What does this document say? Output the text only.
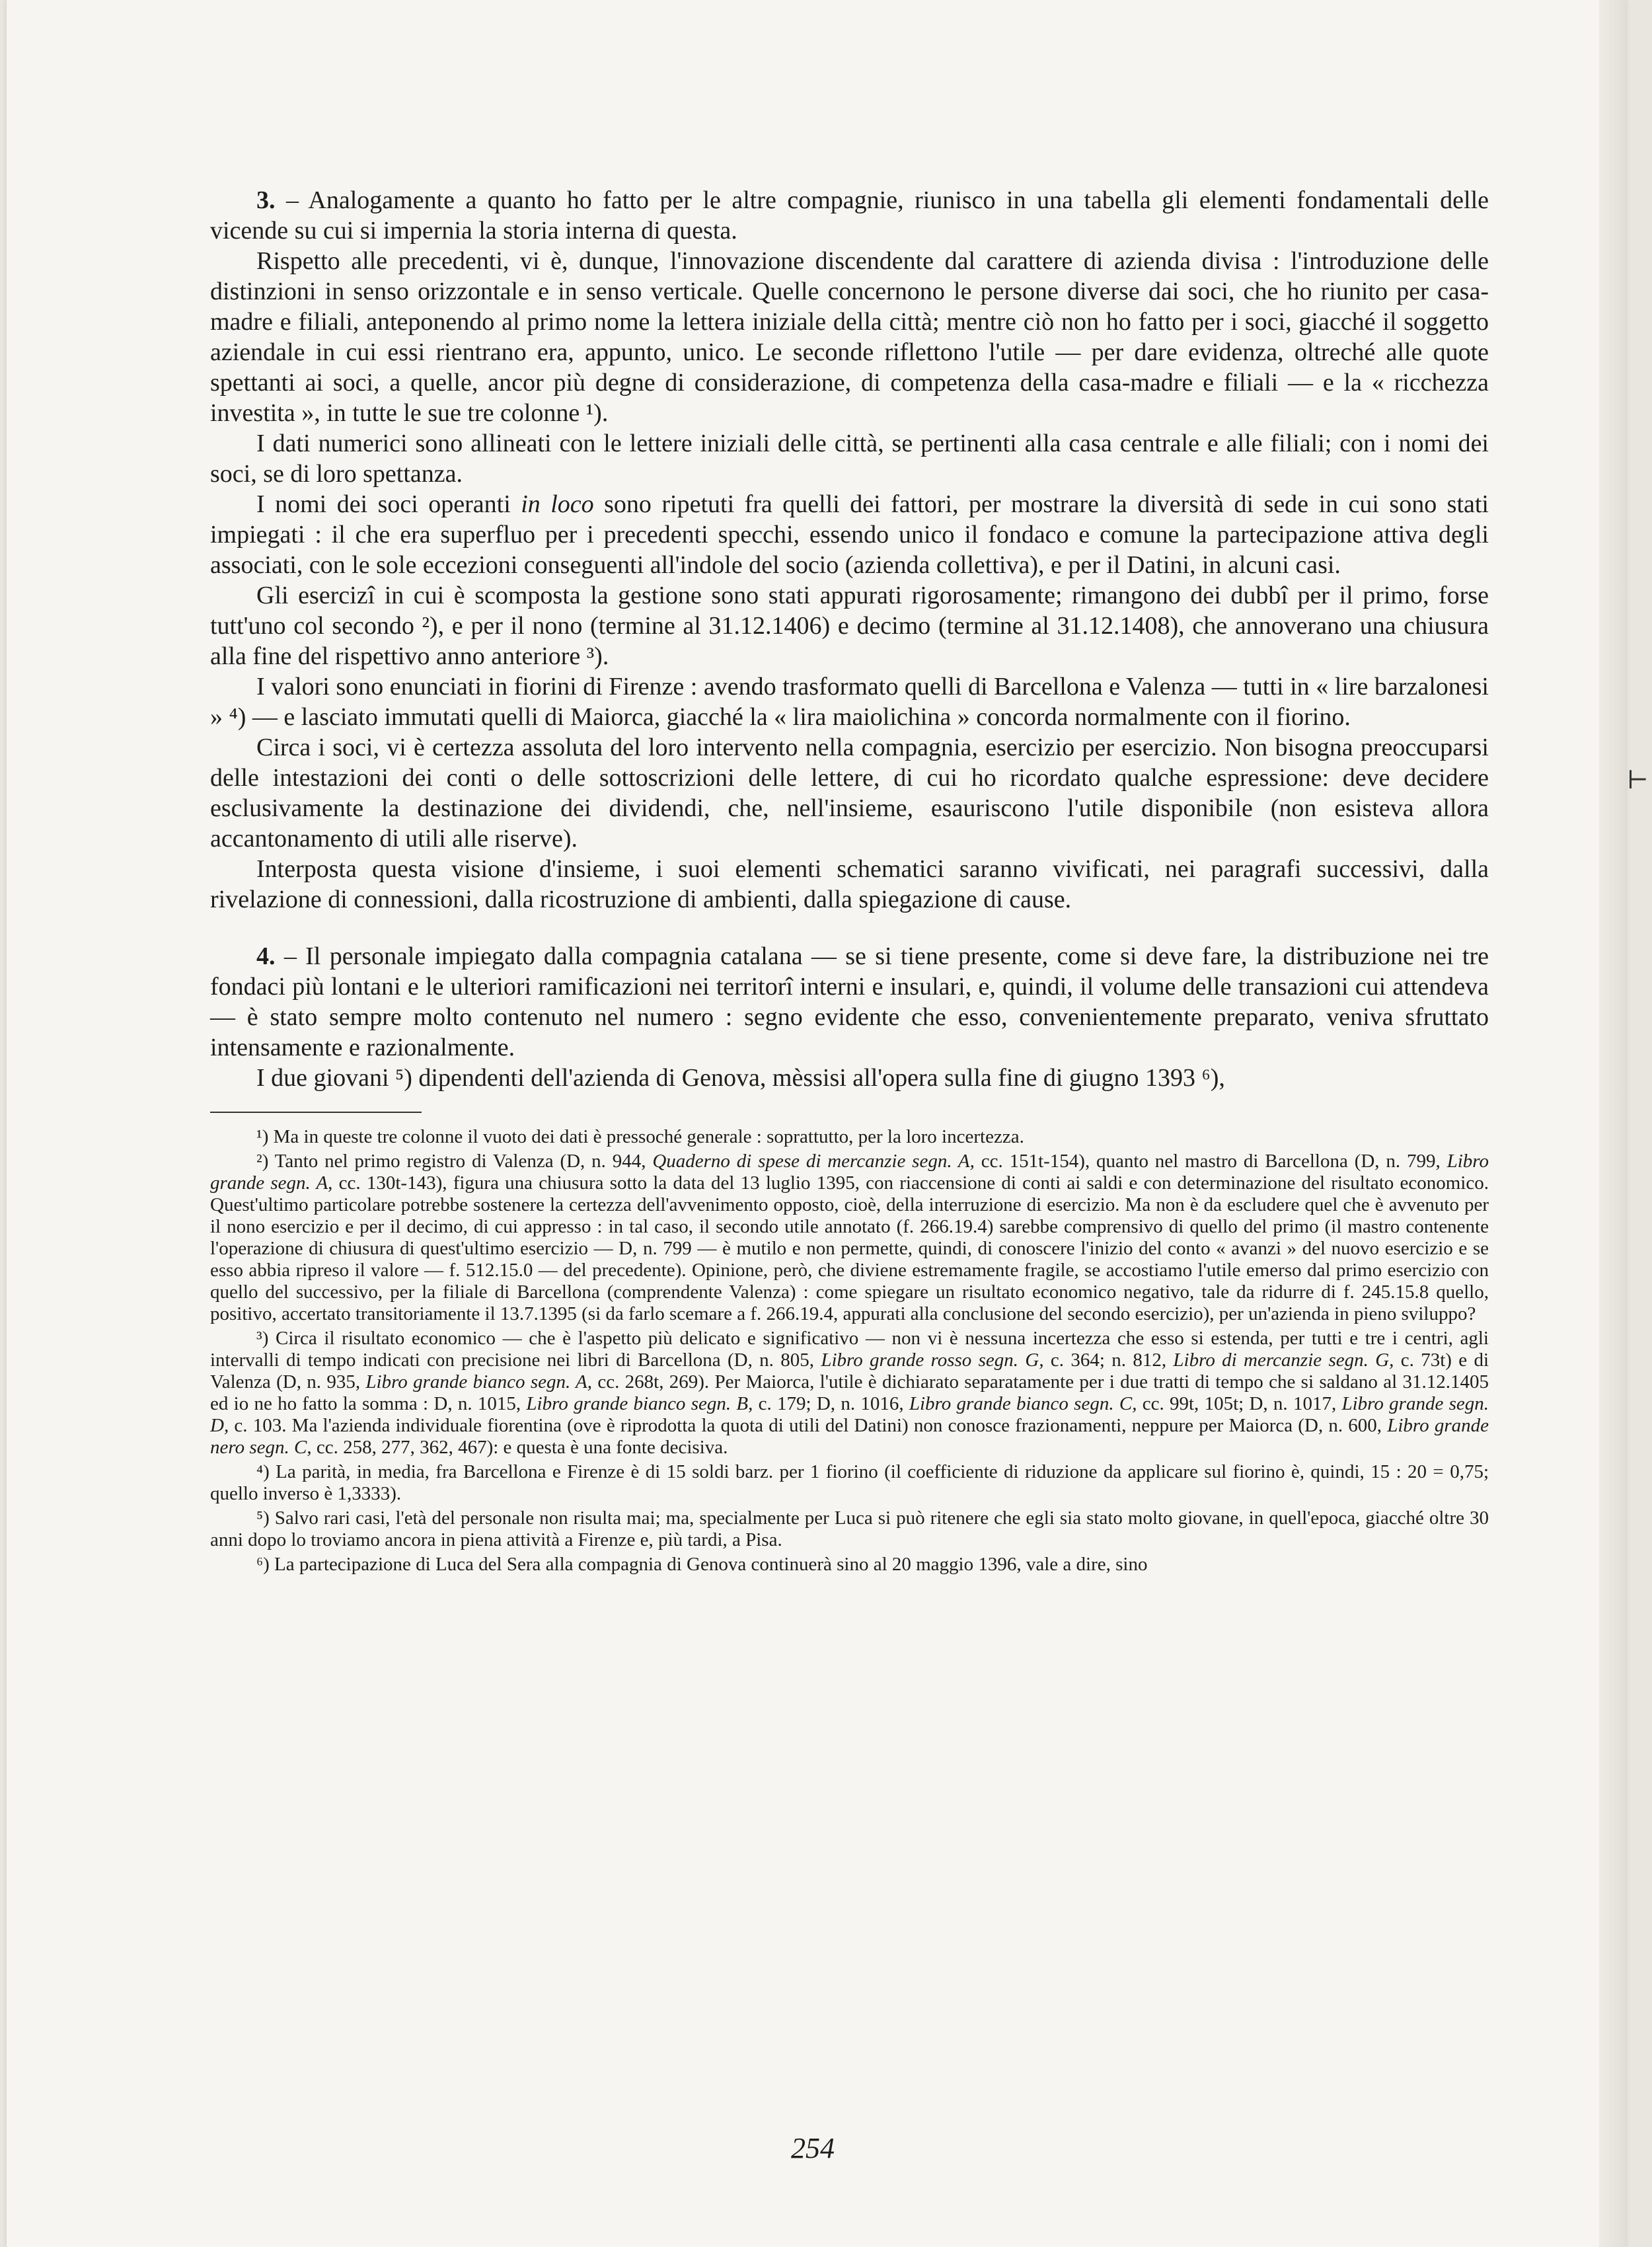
3. – Analogamente a quanto ho fatto per le altre compagnie, riunisco in una tabella gli elementi fondamentali delle vicende su cui si impernia la storia interna di questa.

Rispetto alle precedenti, vi è, dunque, l'innovazione discendente dal carattere di azienda divisa : l'introduzione delle distinzioni in senso orizzontale e in senso verticale. Quelle concernono le persone diverse dai soci, che ho riunito per casa-madre e filiali, anteponendo al primo nome la lettera iniziale della città; mentre ciò non ho fatto per i soci, giacché il soggetto aziendale in cui essi rientrano era, appunto, unico. Le seconde riflettono l'utile — per dare evidenza, oltreché alle quote spettanti ai soci, a quelle, ancor più degne di considerazione, di competenza della casa-madre e filiali — e la « ricchezza investita », in tutte le sue tre colonne ¹).

I dati numerici sono allineati con le lettere iniziali delle città, se pertinenti alla casa centrale e alle filiali; con i nomi dei soci, se di loro spettanza.

I nomi dei soci operanti in loco sono ripetuti fra quelli dei fattori, per mostrare la diversità di sede in cui sono stati impiegati : il che era superfluo per i precedenti specchi, essendo unico il fondaco e comune la partecipazione attiva degli associati, con le sole eccezioni conseguenti all'indole del socio (azienda collettiva), e per il Datini, in alcuni casi.

Gli esercizî in cui è scomposta la gestione sono stati appurati rigorosamente; rimangono dei dubbî per il primo, forse tutt'uno col secondo ²), e per il nono (termine al 31.12.1406) e decimo (termine al 31.12.1408), che annoverano una chiusura alla fine del rispettivo anno anteriore ³).

I valori sono enunciati in fiorini di Firenze : avendo trasformato quelli di Barcellona e Valenza — tutti in « lire barzalonesi » ⁴) — e lasciato immutati quelli di Maiorca, giacché la « lira maiolichina » concorda normalmente con il fiorino.

Circa i soci, vi è certezza assoluta del loro intervento nella compagnia, esercizio per esercizio. Non bisogna preoccuparsi delle intestazioni dei conti o delle sottoscrizioni delle lettere, di cui ho ricordato qualche espressione: deve decidere esclusivamente la destinazione dei dividendi, che, nell'insieme, esauriscono l'utile disponibile (non esisteva allora accantonamento di utili alle riserve).

Interposta questa visione d'insieme, i suoi elementi schematici saranno vivificati, nei paragrafi successivi, dalla rivelazione di connessioni, dalla ricostruzione di ambienti, dalla spiegazione di cause.

4. – Il personale impiegato dalla compagnia catalana — se si tiene presente, come si deve fare, la distribuzione nei tre fondaci più lontani e le ulteriori ramificazioni nei territorî interni e insulari, e, quindi, il volume delle transazioni cui attendeva — è stato sempre molto contenuto nel numero : segno evidente che esso, convenientemente preparato, veniva sfruttato intensamente e razionalmente.

I due giovani ⁵) dipendenti dell'azienda di Genova, mèssisi all'opera sulla fine di giugno 1393 ⁶),

¹) Ma in queste tre colonne il vuoto dei dati è pressoché generale : soprattutto, per la loro incertezza.

²) Tanto nel primo registro di Valenza (D, n. 944, Quaderno di spese di mercanzie segn. A, cc. 151t-154), quanto nel mastro di Barcellona (D, n. 799, Libro grande segn. A, cc. 130t-143), figura una chiusura sotto la data del 13 luglio 1395, con riaccensione di conti ai saldi e con determinazione del risultato economico. Quest'ultimo particolare potrebbe sostenere la certezza dell'avvenimento opposto, cioè, della interruzione di esercizio. Ma non è da escludere quel che è avvenuto per il nono esercizio e per il decimo, di cui appresso : in tal caso, il secondo utile annotato (f. 266.19.4) sarebbe comprensivo di quello del primo (il mastro contenente l'operazione di chiusura di quest'ultimo esercizio — D, n. 799 — è mutilo e non permette, quindi, di conoscere l'inizio del conto « avanzi » del nuovo esercizio e se esso abbia ripreso il valore — f. 512.15.0 — del precedente). Opinione, però, che diviene estremamente fragile, se accostiamo l'utile emerso dal primo esercizio con quello del successivo, per la filiale di Barcellona (comprendente Valenza) : come spiegare un risultato economico negativo, tale da ridurre di f. 245.15.8 quello, positivo, accertato transitoriamente il 13.7.1395 (si da farlo scemare a f. 266.19.4, appurati alla conclusione del secondo esercizio), per un'azienda in pieno sviluppo?

³) Circa il risultato economico — che è l'aspetto più delicato e significativo — non vi è nessuna incertezza che esso si estenda, per tutti e tre i centri, agli intervalli di tempo indicati con precisione nei libri di Barcellona (D, n. 805, Libro grande rosso segn. G, c. 364; n. 812, Libro di mercanzie segn. G, c. 73t) e di Valenza (D, n. 935, Libro grande bianco segn. A, cc. 268t, 269). Per Maiorca, l'utile è dichiarato separatamente per i due tratti di tempo che si saldano al 31.12.1405 ed io ne ho fatto la somma : D, n. 1015, Libro grande bianco segn. B, c. 179; D, n. 1016, Libro grande bianco segn. C, cc. 99t, 105t; D, n. 1017, Libro grande segn. D, c. 103. Ma l'azienda individuale fiorentina (ove è riprodotta la quota di utili del Datini) non conosce frazionamenti, neppure per Maiorca (D, n. 600, Libro grande nero segn. C, cc. 258, 277, 362, 467): e questa è una fonte decisiva.

⁴) La parità, in media, fra Barcellona e Firenze è di 15 soldi barz. per 1 fiorino (il coefficiente di riduzione da applicare sul fiorino è, quindi, 15 : 20 = 0,75; quello inverso è 1,3333).

⁵) Salvo rari casi, l'età del personale non risulta mai; ma, specialmente per Luca si può ritenere che egli sia stato molto giovane, in quell'epoca, giacché oltre 30 anni dopo lo troviamo ancora in piena attività a Firenze e, più tardi, a Pisa.

⁶) La partecipazione di Luca del Sera alla compagnia di Genova continuerà sino al 20 maggio 1396, vale a dire, sino

254
⊢
